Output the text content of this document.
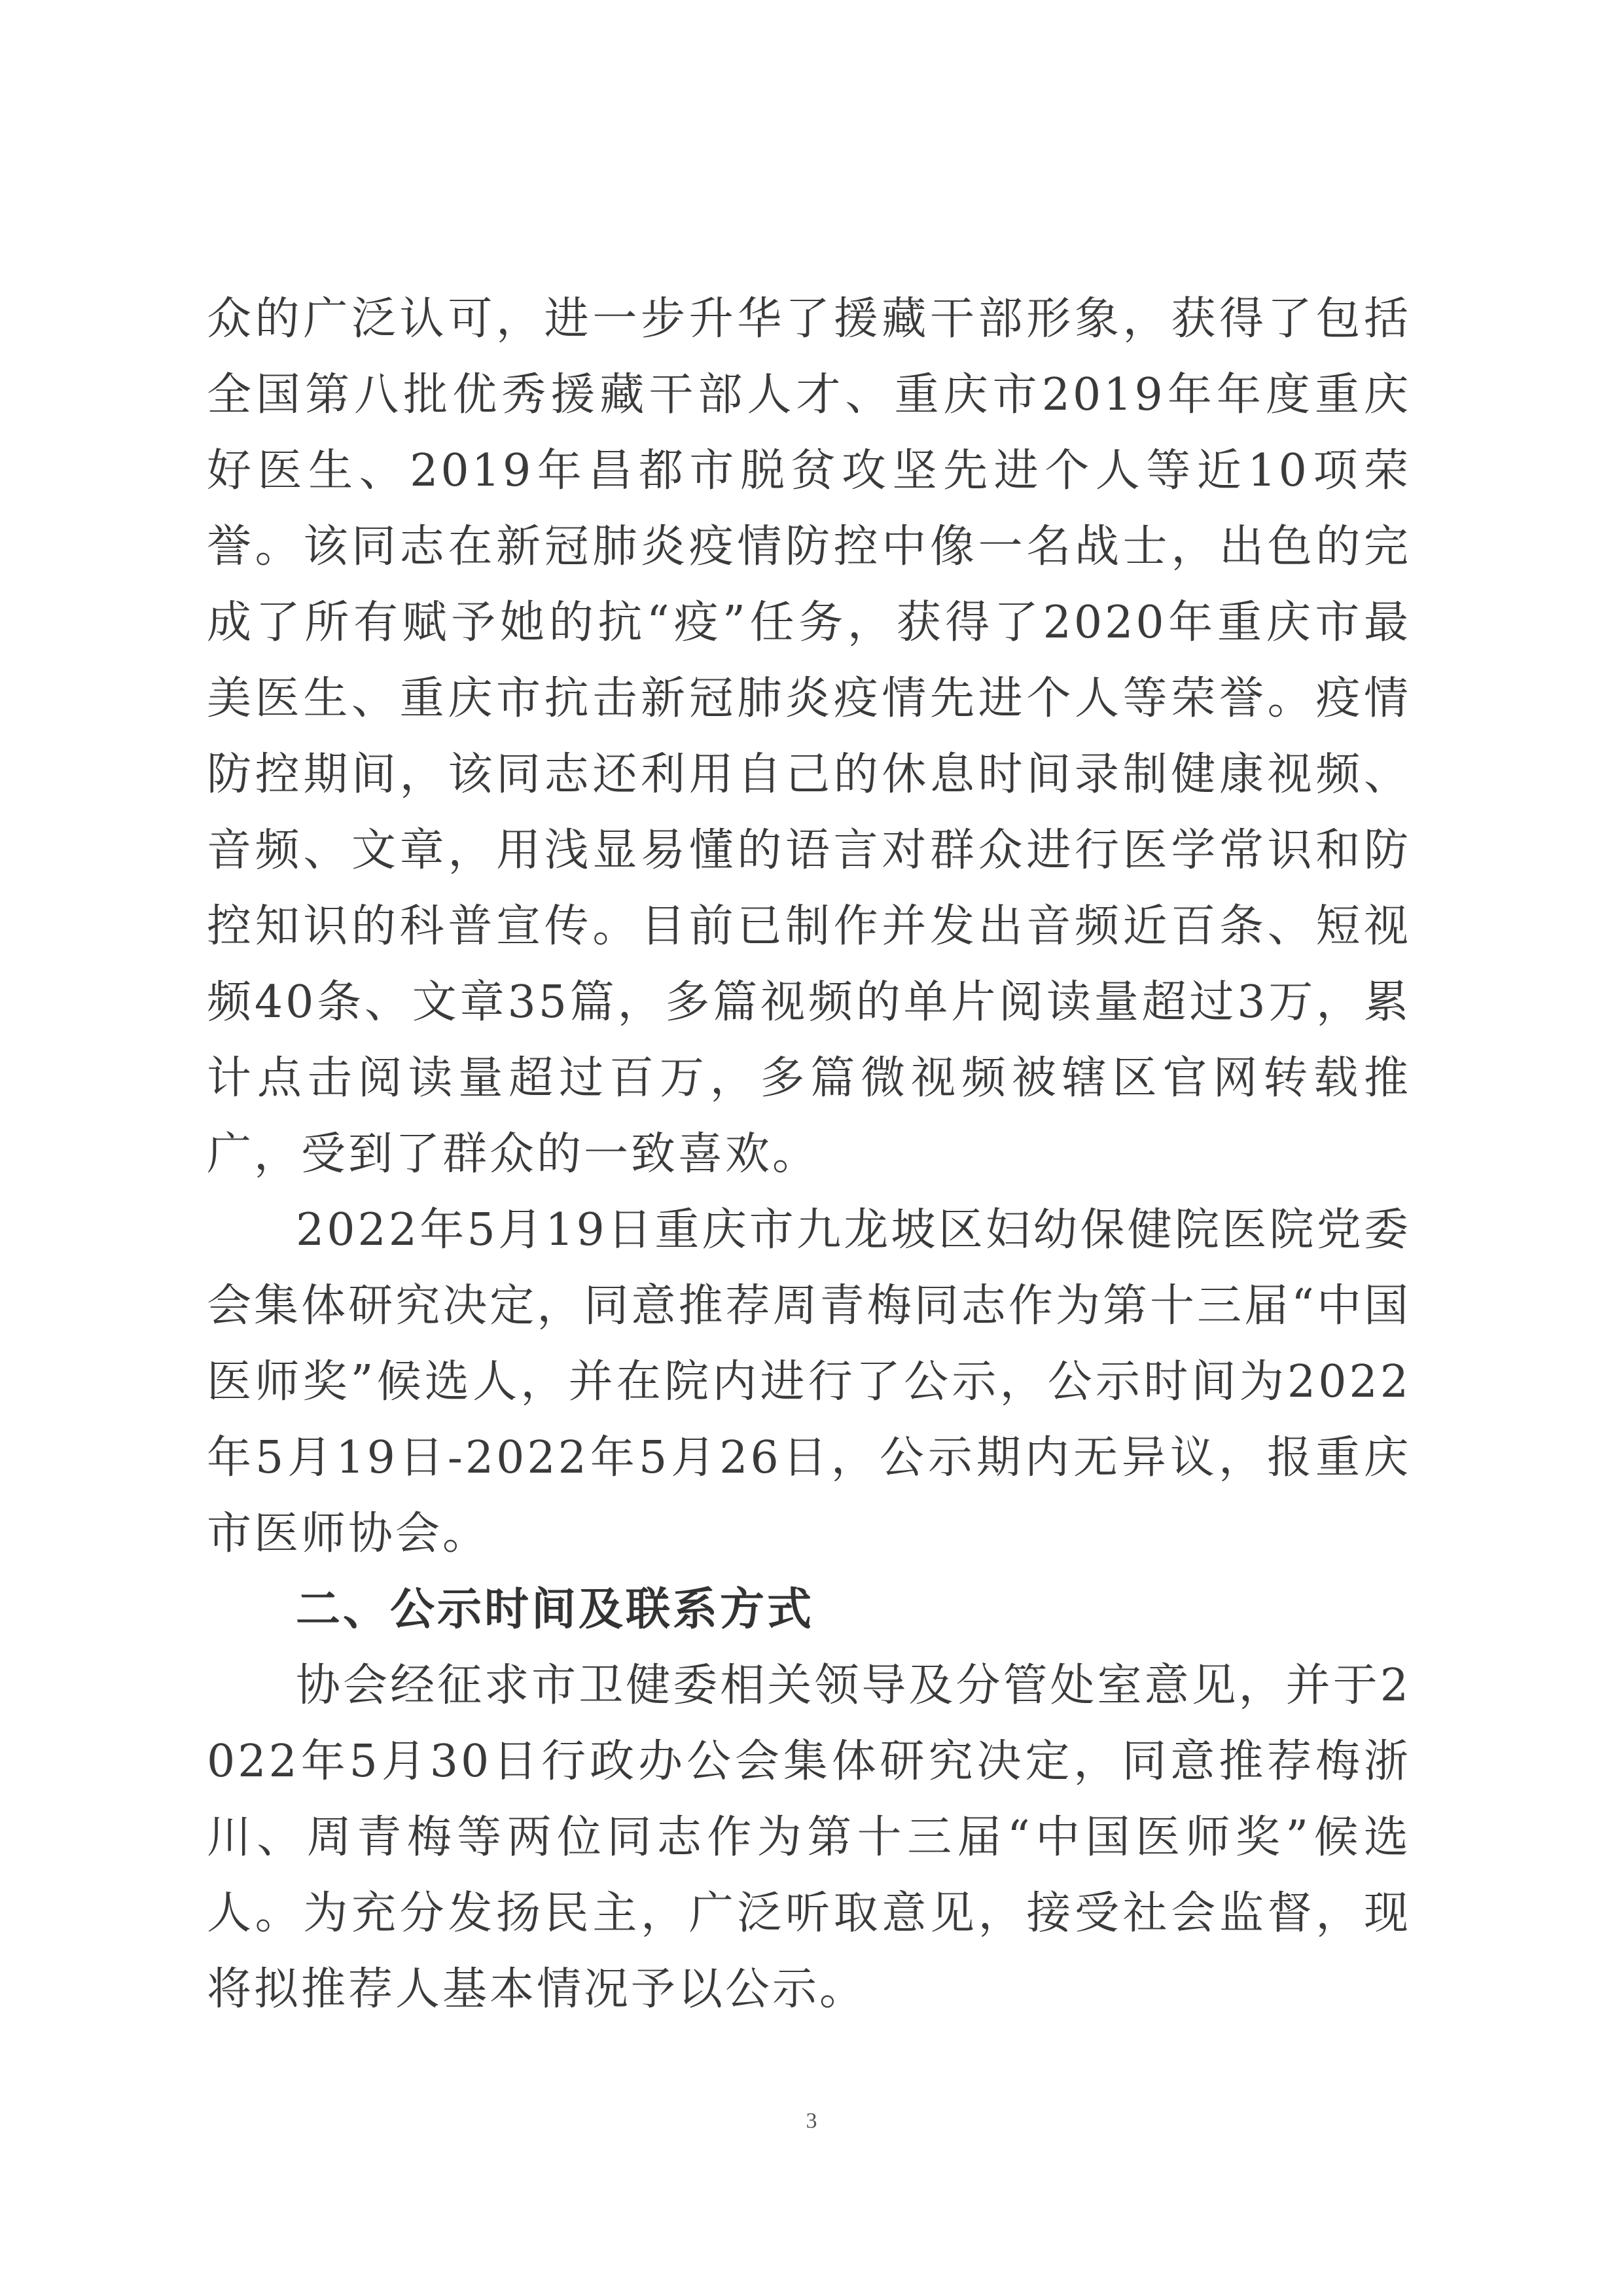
众的广泛认可，进一步升华了援藏干部形象，获得了包括全国第八批优秀援藏干部人才、重庆市2019年年度重庆好医生、2019年昌都市脱贫攻坚先进个人等近10项荣誉。该同志在新冠肺炎疫情防控中像一名战士，出色的完成了所有赋予她的抗“疫”任务，获得了2020年重庆市最美医生、重庆市抗击新冠肺炎疫情先进个人等荣誉。疫情防控期间，该同志还利用自己的休息时间录制健康视频、音频、文章，用浅显易懂的语言对群众进行医学常识和防控知识的科普宣传。目前已制作并发出音频近百条、短视频40条、文章35篇，多篇视频的单片阅读量超过3万，累计点击阅读量超过百万，多篇微视频被辖区官网转载推广，受到了群众的一致喜欢。

2022年5月19日重庆市九龙坡区妇幼保健院医院党委会集体研究决定，同意推荐周青梅同志作为第十三届“中国医师奖”候选人，并在院内进行了公示，公示时间为2022年5月19日-2022年5月26日，公示期内无异议，报重庆市医师协会。

二、公示时间及联系方式

协会经征求市卫健委相关领导及分管处室意见，并于2022年5月30日行政办公会集体研究决定，同意推荐梅浙川、周青梅等两位同志作为第十三届“中国医师奖”候选人。为充分发扬民主，广泛听取意见，接受社会监督，现将拟推荐人基本情况予以公示。

3
